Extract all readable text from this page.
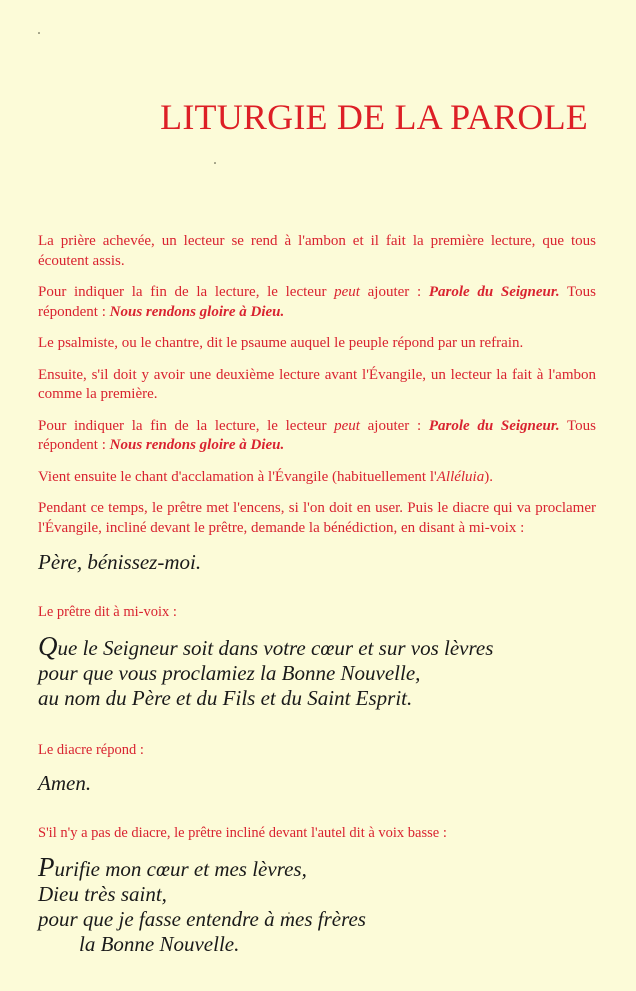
LITURGIE DE LA PAROLE

La prière achevée, un lecteur se rend à l'ambon et il fait la première lecture, que tous écoutent assis.

Pour indiquer la fin de la lecture, le lecteur peut ajouter : Parole du Seigneur. Tous répondent : Nous rendons gloire à Dieu.

Le psalmiste, ou le chantre, dit le psaume auquel le peuple répond par un refrain.

Ensuite, s'il doit y avoir une deuxième lecture avant l'Évangile, un lecteur la fait à l'ambon comme la première.

Pour indiquer la fin de la lecture, le lecteur peut ajouter : Parole du Seigneur. Tous répondent : Nous rendons gloire à Dieu.

Vient ensuite le chant d'acclamation à l'Évangile (habituellement l'Alléluia).

Pendant ce temps, le prêtre met l'encens, si l'on doit en user. Puis le diacre qui va proclamer l'Évangile, incliné devant le prêtre, demande la bénédiction, en disant à mi-voix :

Père, bénissez-moi.

Le prêtre dit à mi-voix :

Que le Seigneur soit dans votre cœur et sur vos lèvres
pour que vous proclamiez la Bonne Nouvelle,
au nom du Père et du Fils et du Saint Esprit.

Le diacre répond :

Amen.

S'il n'y a pas de diacre, le prêtre incliné devant l'autel dit à voix basse :

Purifie mon cœur et mes lèvres,
Dieu très saint,
pour que je fasse entendre à mes frères
la Bonne Nouvelle.
